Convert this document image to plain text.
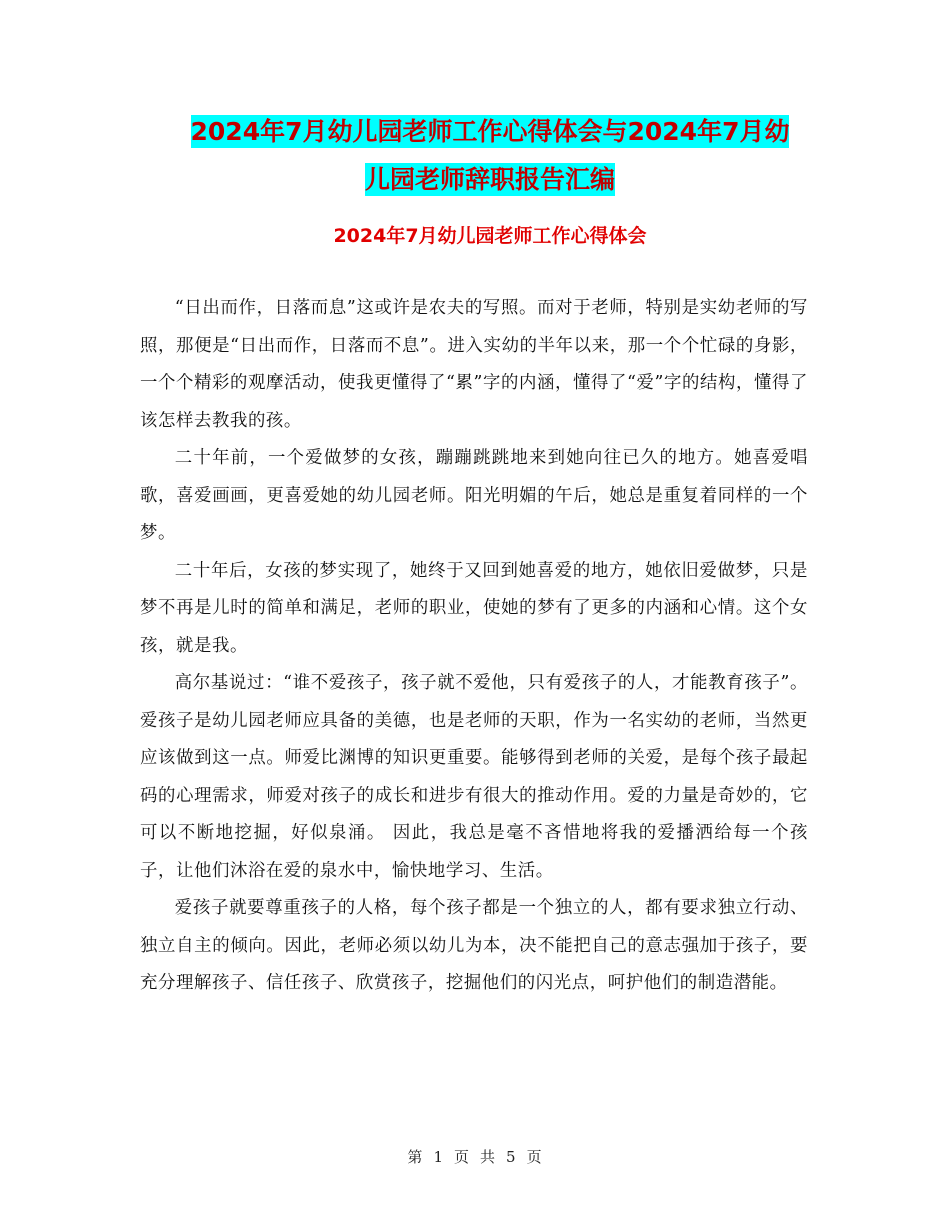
2024年7月幼儿园老师工作心得体会与2024年7月幼
儿园老师辞职报告汇编
2024年7月幼儿园老师工作心得体会

“日出而作，日落而息”这或许是农夫的写照。而对于老师，特别是实幼老师的写照，那便是“日出而作，日落而不息”。进入实幼的半年以来，那一个个忙碌的身影，一个个精彩的观摩活动，使我更懂得了“累”字的内涵，懂得了“爱”字的结构，懂得了该怎样去教我的孩。

二十年前，一个爱做梦的女孩，蹦蹦跳跳地来到她向往已久的地方。她喜爱唱歌，喜爱画画，更喜爱她的幼儿园老师。阳光明媚的午后，她总是重复着同样的一个梦。

二十年后，女孩的梦实现了，她终于又回到她喜爱的地方，她依旧爱做梦，只是梦不再是儿时的简单和满足，老师的职业，使她的梦有了更多的内涵和心情。这个女孩，就是我。

高尔基说过：“谁不爱孩子，孩子就不爱他，只有爱孩子的人，才能教育孩子”。爱孩子是幼儿园老师应具备的美德，也是老师的天职，作为一名实幼的老师，当然更应该做到这一点。师爱比渊博的知识更重要。能够得到老师的关爱，是每个孩子最起码的心理需求，师爱对孩子的成长和进步有很大的推动作用。爱的力量是奇妙的，它可以不断地挖掘，好似泉涌。 因此，我总是毫不吝惜地将我的爱播洒给每一个孩子，让他们沐浴在爱的泉水中，愉快地学习、生活。

爱孩子就要尊重孩子的人格，每个孩子都是一个独立的人，都有要求独立行动、独立自主的倾向。因此，老师必须以幼儿为本，决不能把自己的意志强加于孩子，要充分理解孩子、信任孩子、欣赏孩子，挖掘他们的闪光点，呵护他们的制造潜能。

第 1 页 共 5 页
